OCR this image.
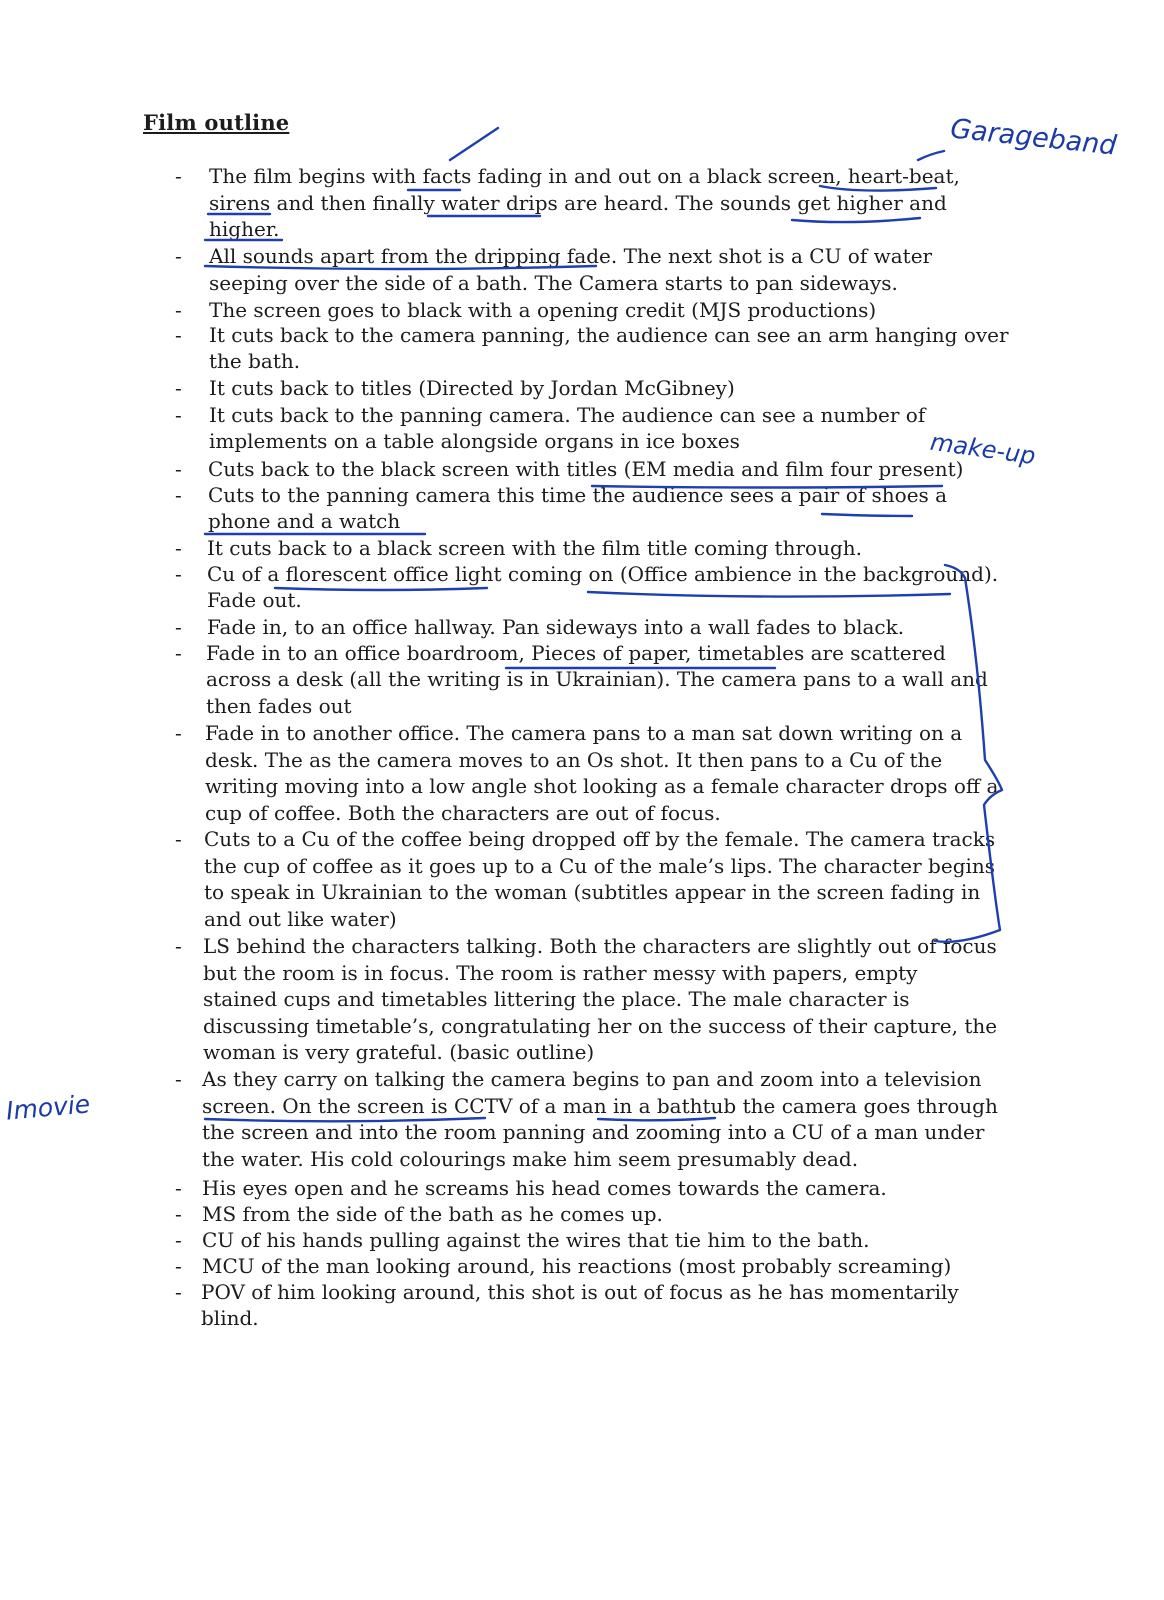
Film outline
-	The film begins with facts fading in and out on a black screen, heart-beat,
sirens and then finally water drips are heard. The sounds get higher and
higher.
-	All sounds apart from the dripping fade. The next shot is a CU of water
seeping over the side of a bath. The Camera starts to pan sideways.
-	The screen goes to black with a opening credit (MJS productions)
-	It cuts back to the camera panning, the audience can see an arm hanging over
the bath.
-	It cuts back to titles (Directed by Jordan McGibney)
-	It cuts back to the panning camera. The audience can see a number of
implements on a table alongside organs in ice boxes
-	Cuts back to the black screen with titles (EM media and film four present)
-	Cuts to the panning camera this time the audience sees a pair of shoes a
phone and a watch
-	It cuts back to a black screen with the film title coming through.
-	Cu of a florescent office light coming on (Office ambience in the background).
Fade out.
-	Fade in, to an office hallway. Pan sideways into a wall fades to black.
-	Fade in to an office boardroom, Pieces of paper, timetables are scattered
across a desk (all the writing is in Ukrainian). The camera pans to a wall and
then fades out
-	Fade in to another office. The camera pans to a man sat down writing on a
desk. The as the camera moves to an Os shot. It then pans to a Cu of the
writing moving into a low angle shot looking as a female character drops off a
cup of coffee. Both the characters are out of focus.
-	Cuts to a Cu of the coffee being dropped off by the female. The camera tracks
the cup of coffee as it goes up to a Cu of the male’s lips. The character begins
to speak in Ukrainian to the woman (subtitles appear in the screen fading in
and out like water)
-	LS behind the characters talking. Both the characters are slightly out of focus
but the room is in focus. The room is rather messy with papers, empty
stained cups and timetables littering the place. The male character is
discussing timetable’s, congratulating her on the success of their capture, the
woman is very grateful. (basic outline)
-	As they carry on talking the camera begins to pan and zoom into a television
screen. On the screen is CCTV of a man in a bathtub the camera goes through
the screen and into the room panning and zooming into a CU of a man under
the water. His cold colourings make him seem presumably dead.
-	His eyes open and he screams his head comes towards the camera.
-	MS from the side of the bath as he comes up.
-	CU of his hands pulling against the wires that tie him to the bath.
-	MCU of the man looking around, his reactions (most probably screaming)
- POV of him looking around, this shot is out of focus as he has momentarily
blind.
Garageband
make-up
Imovie
